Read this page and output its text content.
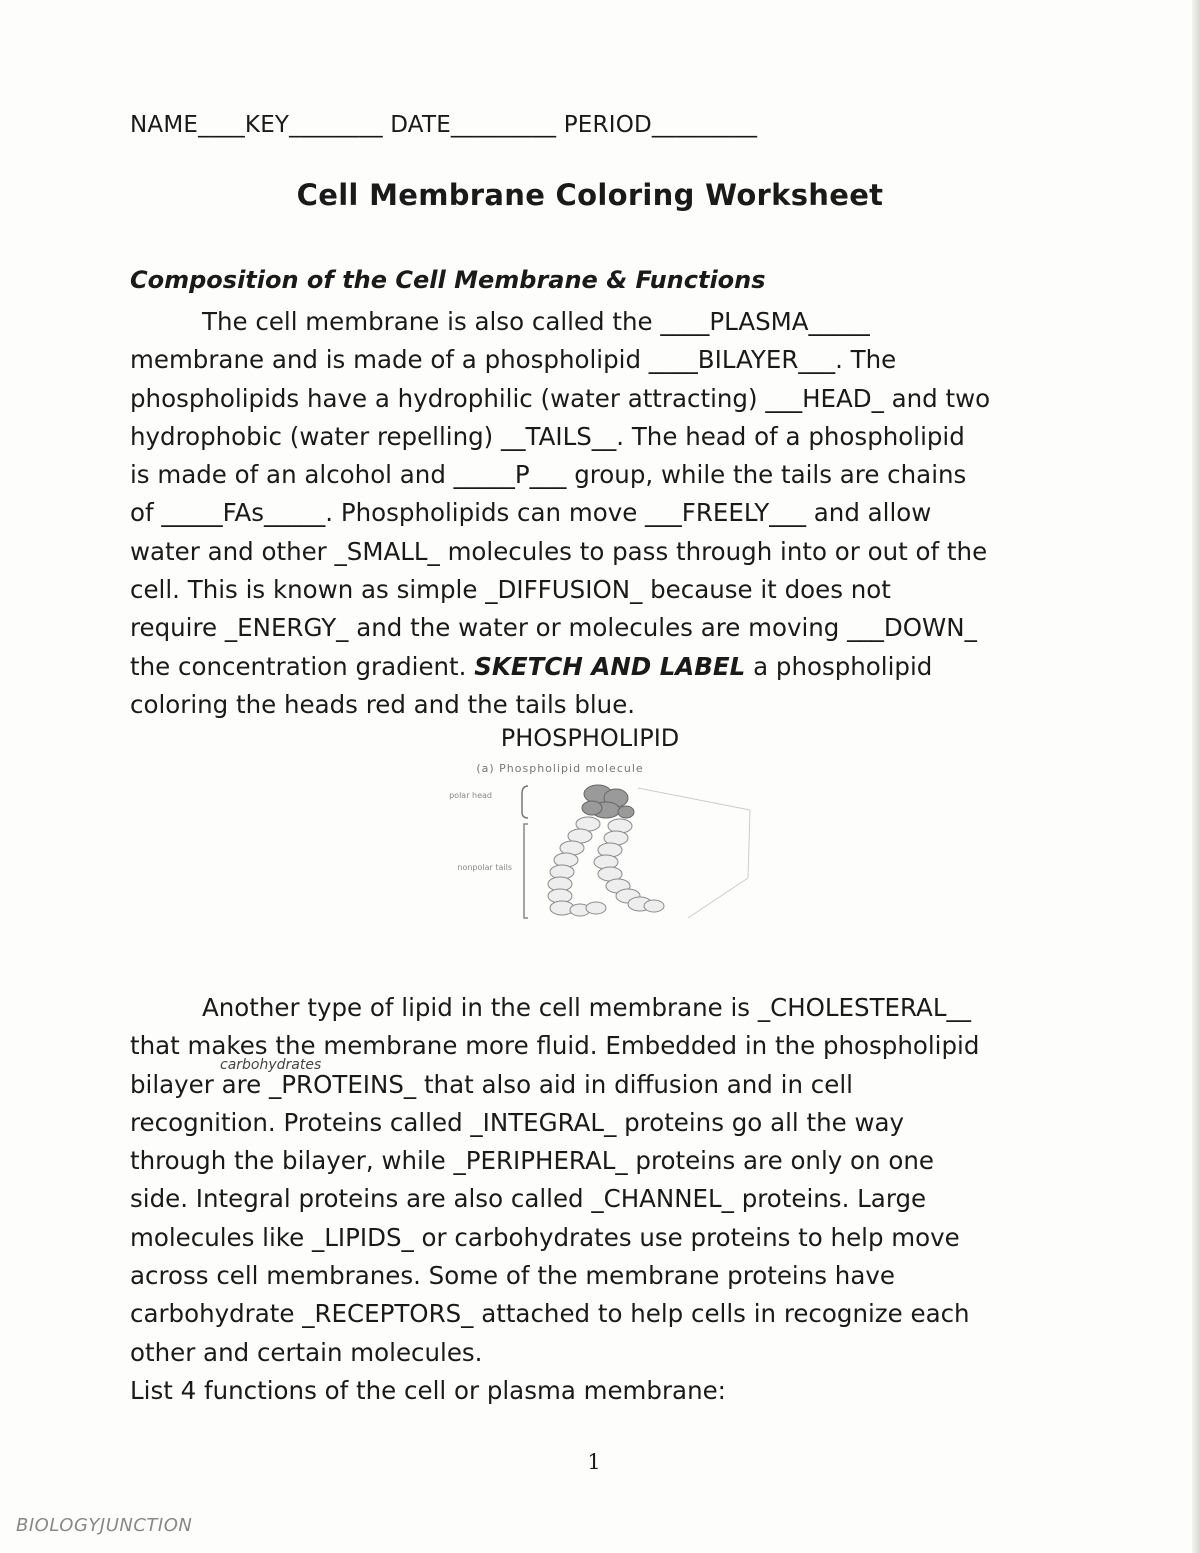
NAME____KEY________ DATE_________ PERIOD_________
Cell Membrane Coloring Worksheet
Composition of the Cell Membrane & Functions
The cell membrane is also called the ____PLASMA_____
membrane and is made of a phospholipid ____BILAYER___. The
phospholipids have a hydrophilic (water attracting) ___HEAD_ and two
hydrophobic (water repelling) __TAILS__. The head of a phospholipid
is made of an alcohol and _____P___ group, while the tails are chains
of _____FAs_____. Phospholipids can move ___FREELY___ and allow
water and other _SMALL_ molecules to pass through into or out of the
cell. This is known as simple _DIFFUSION_ because it does not
require _ENERGY_ and the water or molecules are moving ___DOWN_
the concentration gradient. SKETCH AND LABEL a phospholipid
coloring the heads red and the tails blue.
PHOSPHOLIPID
(a) Phospholipid molecule
polar head
nonpolar tails
Another type of lipid in the cell membrane is _CHOLESTERAL__
that makes the membrane more fluid. Embedded in the phospholipid
bilayer are _PROTEINS_ that also aid in diffusion and in cell
recognition. Proteins called _INTEGRAL_ proteins go all the way
through the bilayer, while _PERIPHERAL_ proteins are only on one
side. Integral proteins are also called _CHANNEL_ proteins. Large
molecules like _LIPIDS_ or carbohydrates use proteins to help move
across cell membranes. Some of the membrane proteins have
carbohydrate _RECEPTORS_ attached to help cells in recognize each
other and certain molecules.
List 4 functions of the cell or plasma membrane:
carbohydrates
1
BIOLOGYJUNCTION
